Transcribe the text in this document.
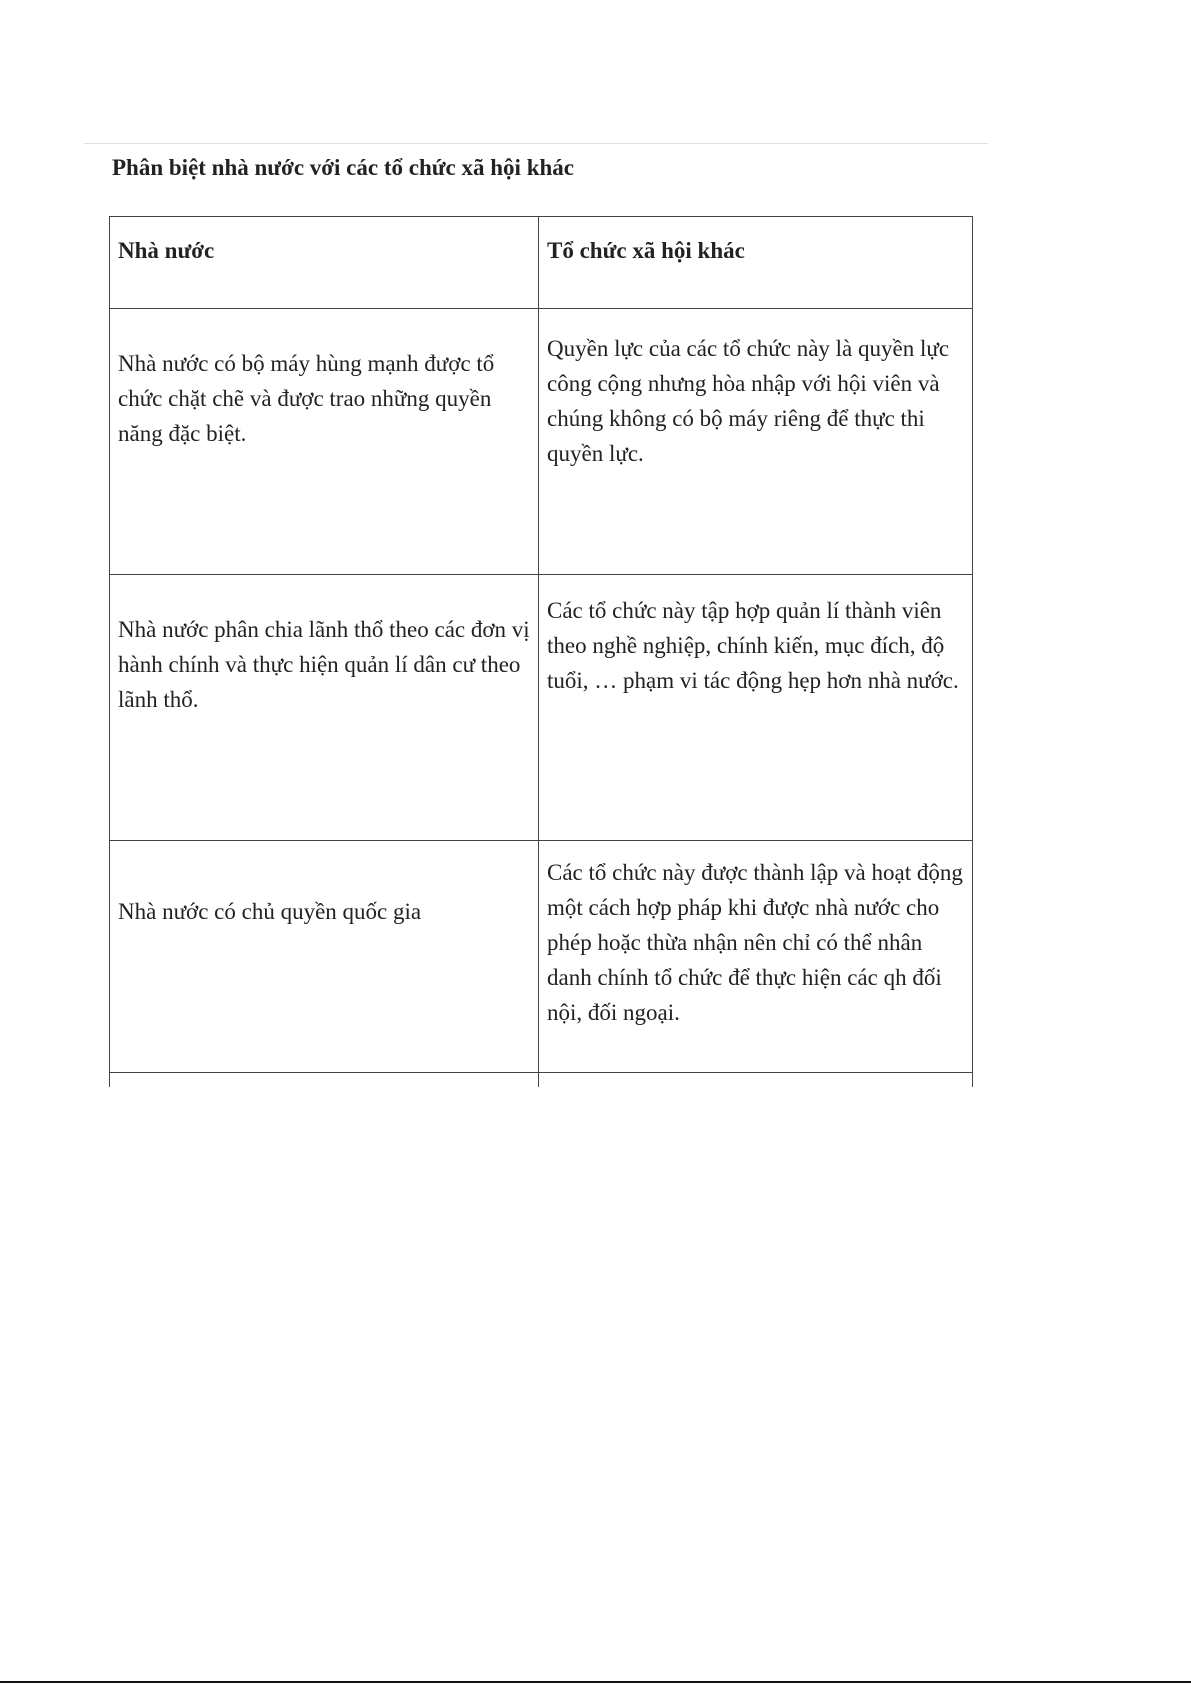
Phân biệt nhà nước với các tổ chức xã hội khác
Nhà nước	Tổ chức xã hội khác
Nhà nước có bộ máy hùng mạnh được tổ chức chặt chẽ và được trao những quyền năng đặc biệt.	Quyền lực của các tổ chức này là quyền lực công cộng nhưng hòa nhập với hội viên và chúng không có bộ máy riêng để thực thi quyền lực.
Nhà nước phân chia lãnh thổ theo các đơn vị hành chính và thực hiện quản lí dân cư theo lãnh thổ.	Các tổ chức này tập hợp quản lí thành viên theo nghề nghiệp, chính kiến, mục đích, độ tuổi, … phạm vi tác động hẹp hơn nhà nước.
Nhà nước có chủ quyền quốc gia	Các tổ chức này được thành lập và hoạt động một cách hợp pháp khi được nhà nước cho phép hoặc thừa nhận nên chỉ có thể nhân danh chính tổ chức để thực hiện các qh đối nội, đối ngoại.
